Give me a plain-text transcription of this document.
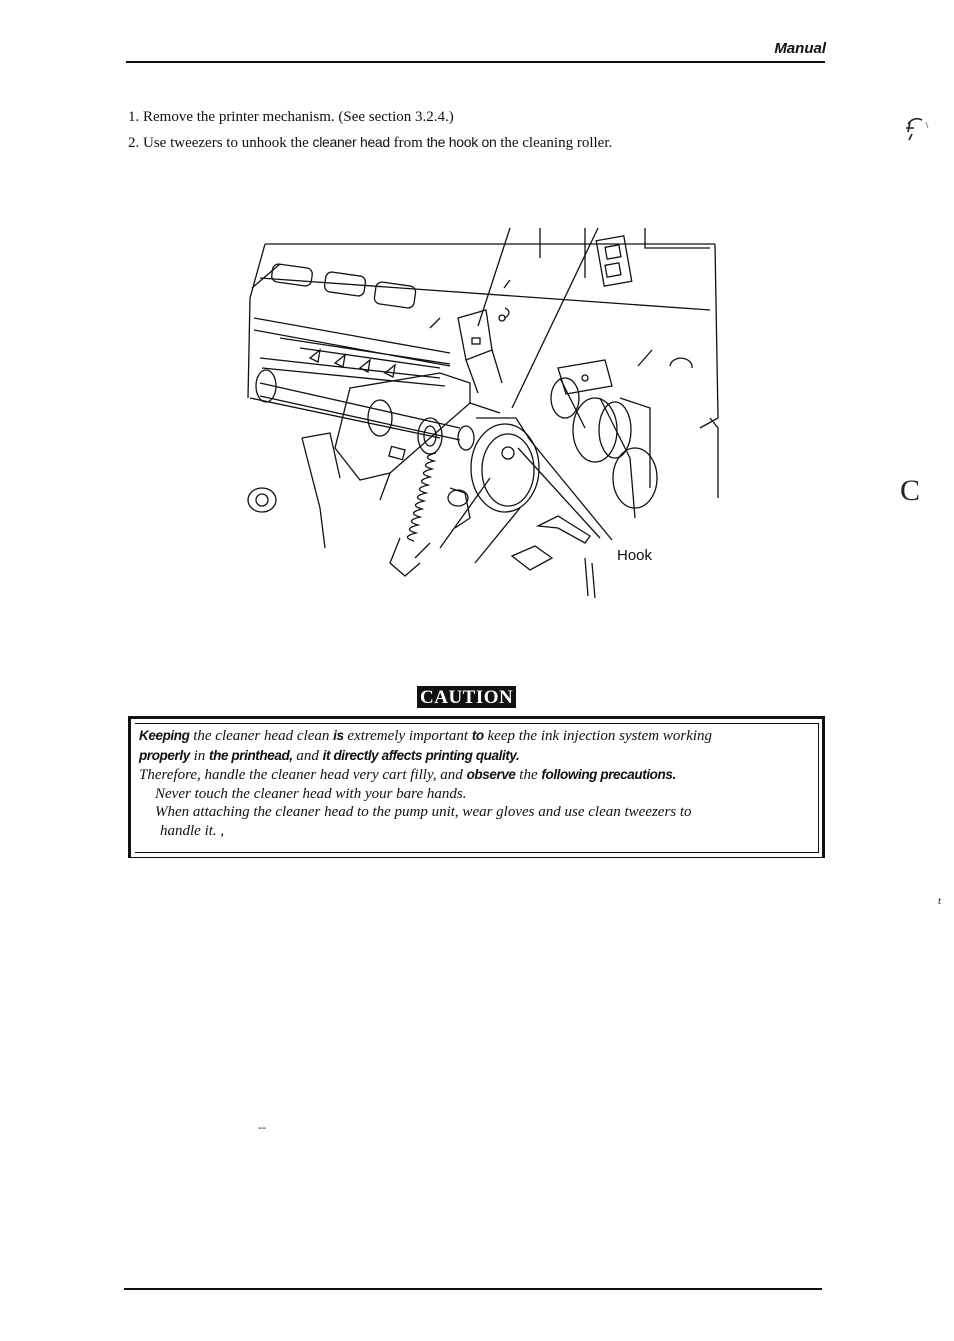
Manual
1. Remove the printer mechanism. (See section 3.2.4.)
2. Use tweezers to unhook the cleaner head from the hook on the cleaning roller.
Hook
CAUTION
Keeping the cleaner head clean is extremely important to keep the ink injection system working
properly in the printhead, and it directly affects printing quality.
Therefore, handle the cleaner head very cart filly, and observe the following precautions.
Never touch the cleaner head with your bare hands.
When attaching the cleaner head to the pump unit, wear gloves and use clean tweezers to
handle it. ,
C
t
--
